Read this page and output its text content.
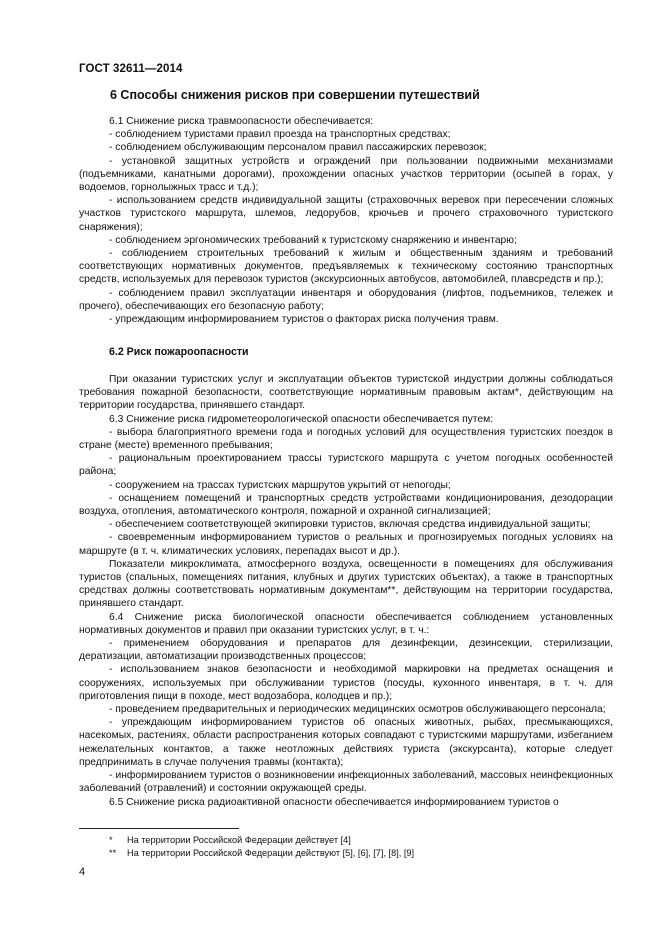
ГОСТ 32611—2014
6 Способы снижения рисков при совершении путешествий

6.1 Снижение риска травмоопасности обеспечивается:

- соблюдением туристами правил проезда на транспортных средствах;

- соблюдением обслуживающим персоналом правил пассажирских перевозок;

- установкой защитных устройств и ограждений при пользовании подвижными механизмами (подъемниками, канатными дорогами), прохождении опасных участков территории (осыпей в горах, у водоемов, горнолыжных трасс и т.д.);

- использованием средств индивидуальной защиты (страховочных веревок при пересечении сложных участков туристского маршрута, шлемов, ледорубов, крючьев и прочего страховочного туристского снаряжения);

- соблюдением эргономических требований к туристскому снаряжению и инвентарю;

- соблюдением строительных требований к жилым и общественным зданиям и требований соответствующих нормативных документов, предъявляемых к техническому состоянию транспортных средств, используемых для перевозок туристов (экскурсионных автобусов, автомобилей, плавсредств и пр.);

- соблюдением правил эксплуатации инвентаря и оборудования (лифтов, подъемников, тележек и прочего), обеспечивающих его безопасную работу;

- упреждающим информированием туристов о факторах риска получения травм.

6.2 Риск пожароопасности

При оказании туристских услуг и эксплуатации объектов туристской индустрии должны соблюдаться требования пожарной безопасности, соответствующие нормативным правовым актам*, действующим на территории государства, принявшего стандарт.

6.3 Снижение риска гидрометеорологической опасности обеспечивается путем:

- выбора благоприятного времени года и погодных условий для осуществления туристских поездок в стране (месте) временного пребывания;

- рациональным проектированием трассы туристского маршрута с учетом погодных особенностей района;

- сооружением на трассах туристских маршрутов укрытий от непогоды;

- оснащением помещений и транспортных средств устройствами кондиционирования, дезодорации воздуха, отопления, автоматического контроля, пожарной и охранной сигнализацией;

- обеспечением соответствующей экипировки туристов, включая средства индивидуальной защиты;

- своевременным информированием туристов о реальных и прогнозируемых погодных условиях на маршруте (в т. ч. климатических условиях, перепадах высот и др.).

Показатели микроклимата, атмосферного воздуха, освещенности в помещениях для обслуживания туристов (спальных, помещениях питания, клубных и других туристских объектах), а также в транспортных средствах должны соответствовать нормативным документам**, действующим на территории государства, принявшего стандарт.

6.4 Снижение риска биологической опасности обеспечивается соблюдением установленных нормативных документов и правил при оказании туристских услуг, в т. ч.:

- применением оборудования и препаратов для дезинфекции, дезинсекции, стерилизации, дератизации, автоматизации производственных процессов;

- использованием знаков безопасности и необходимой маркировки на предметах оснащения и сооружениях, используемых при обслуживании туристов (посуды, кухонного инвентаря, в т. ч. для приготовления пищи в походе, мест водозабора, колодцев и пр.);

- проведением предварительных и периодических медицинских осмотров обслуживающего персонала;

- упреждающим информированием туристов об опасных животных, рыбах, пресмыкающихся, насекомых, растениях, области распространения которых совпадают с туристскими маршрутами, избеганием нежелательных контактов, а также неотложных действиях туриста (экскурсанта), которые следует предпринимать в случае получения травмы (контакта);

- информированием туристов о возникновении инфекционных заболеваний, массовых неинфекционных заболеваний (отравлений) и состоянии окружающей среды.

6.5 Снижение риска радиоактивной опасности обеспечивается информированием туристов о

* На территории Российской Федерации действует [4]
** На территории Российской Федерации действуют [5], [6], [7], [8], [9]
4
